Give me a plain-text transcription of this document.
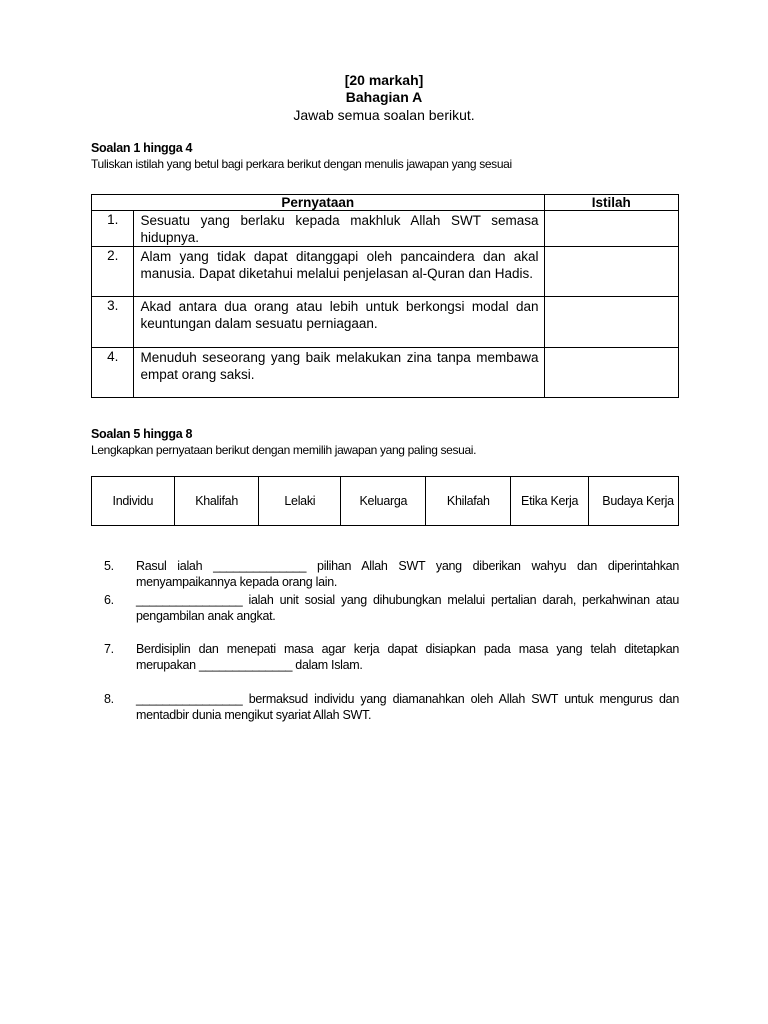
[20 markah]
Bahagian A
Jawab semua soalan berikut.
Soalan 1 hingga 4
Tuliskan istilah yang betul bagi perkara berikut dengan menulis jawapan yang sesuai
Pernyataan		Istilah
1.	Sesuatu yang berlaku kepada makhluk Allah SWT semasa hidupnya.	
2.	Alam yang tidak dapat ditanggapi oleh pancaindera dan akal manusia. Dapat diketahui melalui penjelasan al-Quran dan Hadis.	
3.	Akad antara dua orang atau lebih untuk berkongsi modal dan keuntungan dalam sesuatu perniagaan.	
4.	Menuduh seseorang yang baik melakukan zina tanpa membawa empat orang saksi.	
Soalan 5 hingga 8
Lengkapkan pernyataan berikut dengan memilih jawapan yang paling sesuai.
Individu	Khalifah	Lelaki	Keluarga	Khilafah	Etika Kerja	Budaya Kerja
5.	Rasul ialah ______________ pilihan Allah SWT yang diberikan wahyu dan diperintahkan menyampaikannya kepada orang lain.
6.	________________ ialah unit sosial yang dihubungkan melalui pertalian darah, perkahwinan atau pengambilan anak angkat.
7.	Berdisiplin dan menepati masa agar kerja dapat disiapkan pada masa yang telah ditetapkan merupakan ______________ dalam Islam.
8.	________________ bermaksud individu yang diamanahkan oleh Allah SWT untuk mengurus dan mentadbir dunia mengikut syariat Allah SWT.
